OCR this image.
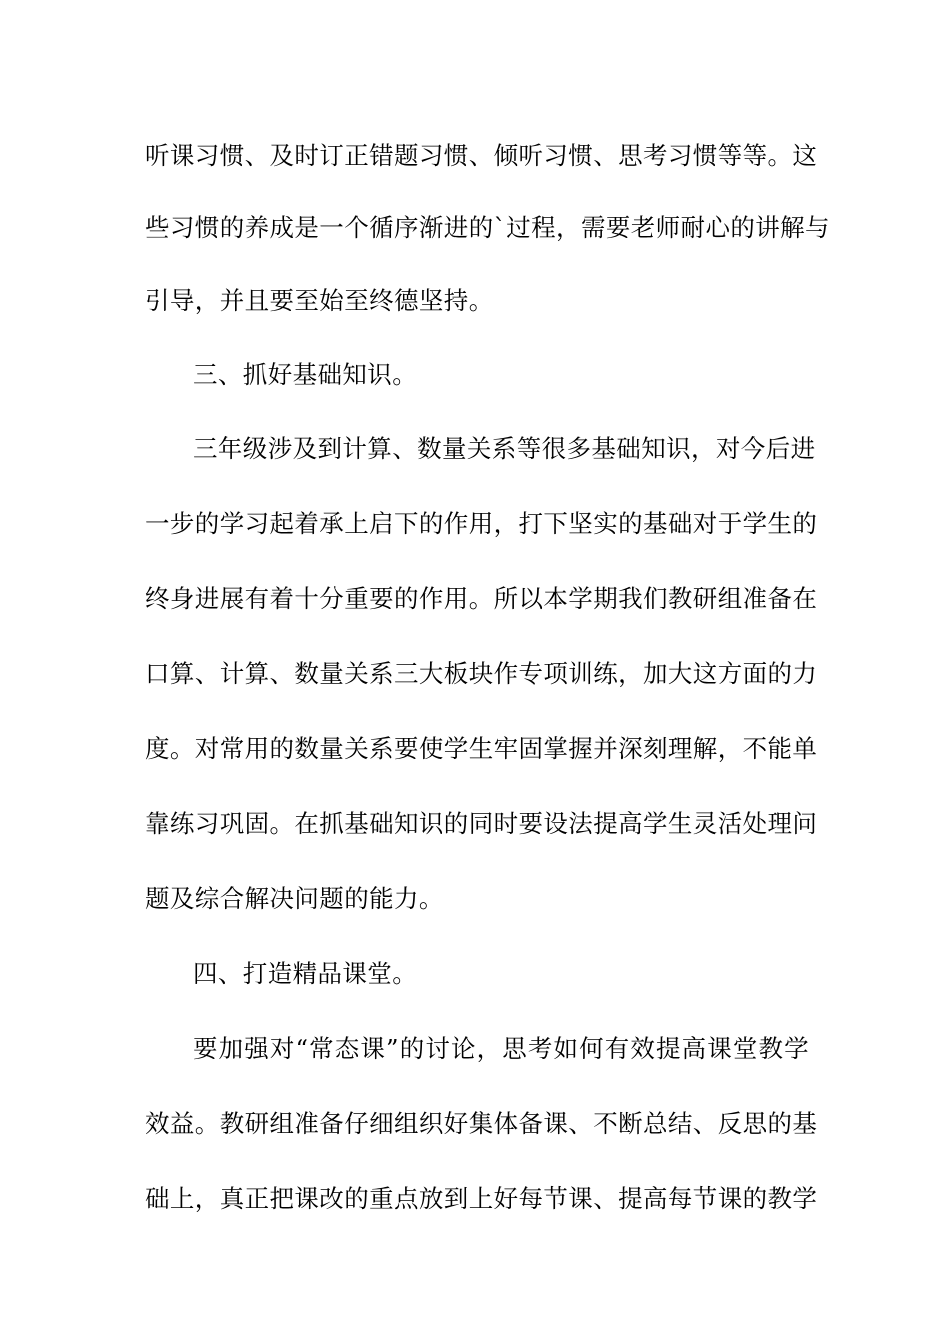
听课习惯、及时订正错题习惯、倾听习惯、思考习惯等等。这
些习惯的养成是一个循序渐进的`过程，需要老师耐心的讲解与
引导，并且要至始至终德坚持。
三、抓好基础知识。
三年级涉及到计算、数量关系等很多基础知识，对今后进
一步的学习起着承上启下的作用，打下坚实的基础对于学生的
终身进展有着十分重要的作用。所以本学期我们教研组准备在
口算、计算、数量关系三大板块作专项训练，加大这方面的力
度。对常用的数量关系要使学生牢固掌握并深刻理解，不能单
靠练习巩固。在抓基础知识的同时要设法提高学生灵活处理问
题及综合解决问题的能力。
四、打造精品课堂。
要加强对“常态课”的讨论，思考如何有效提高课堂教学
效益。教研组准备仔细组织好集体备课、不断总结、反思的基
础上，真正把课改的重点放到上好每节课、提高每节课的教学
